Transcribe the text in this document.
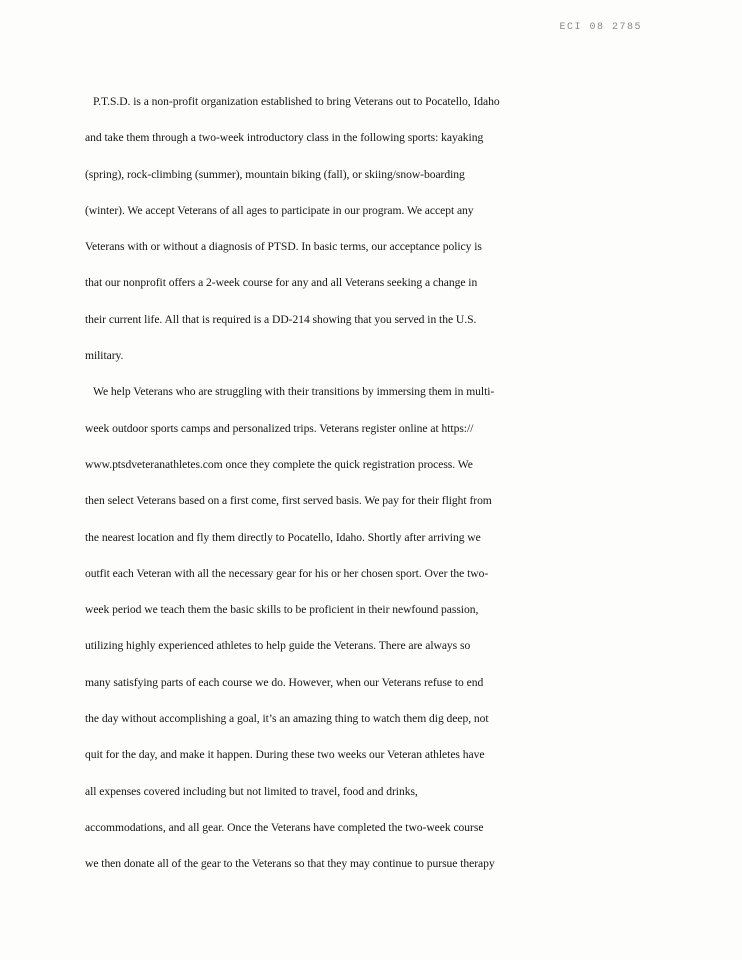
ECI 08 2785
P.T.S.D. is a non-profit organization established to bring Veterans out to Pocatello, Idaho
and take them through a two-week introductory class in the following sports: kayaking
(spring), rock-climbing (summer), mountain biking (fall), or skiing/snow-boarding
(winter). We accept Veterans of all ages to participate in our program. We accept any
Veterans with or without a diagnosis of PTSD. In basic terms, our acceptance policy is
that our nonprofit offers a 2-week course for any and all Veterans seeking a change in
their current life. All that is required is a DD-214 showing that you served in the U.S.
military.
We help Veterans who are struggling with their transitions by immersing them in multi-
week outdoor sports camps and personalized trips. Veterans register online at https://
www.ptsdveteranathletes.com once they complete the quick registration process. We
then select Veterans based on a first come, first served basis. We pay for their flight from
the nearest location and fly them directly to Pocatello, Idaho. Shortly after arriving we
outfit each Veteran with all the necessary gear for his or her chosen sport. Over the two-
week period we teach them the basic skills to be proficient in their newfound passion,
utilizing highly experienced athletes to help guide the Veterans. There are always so
many satisfying parts of each course we do. However, when our Veterans refuse to end
the day without accomplishing a goal, it’s an amazing thing to watch them dig deep, not
quit for the day, and make it happen. During these two weeks our Veteran athletes have
all expenses covered including but not limited to travel, food and drinks,
accommodations, and all gear. Once the Veterans have completed the two-week course
we then donate all of the gear to the Veterans so that they may continue to pursue therapy
